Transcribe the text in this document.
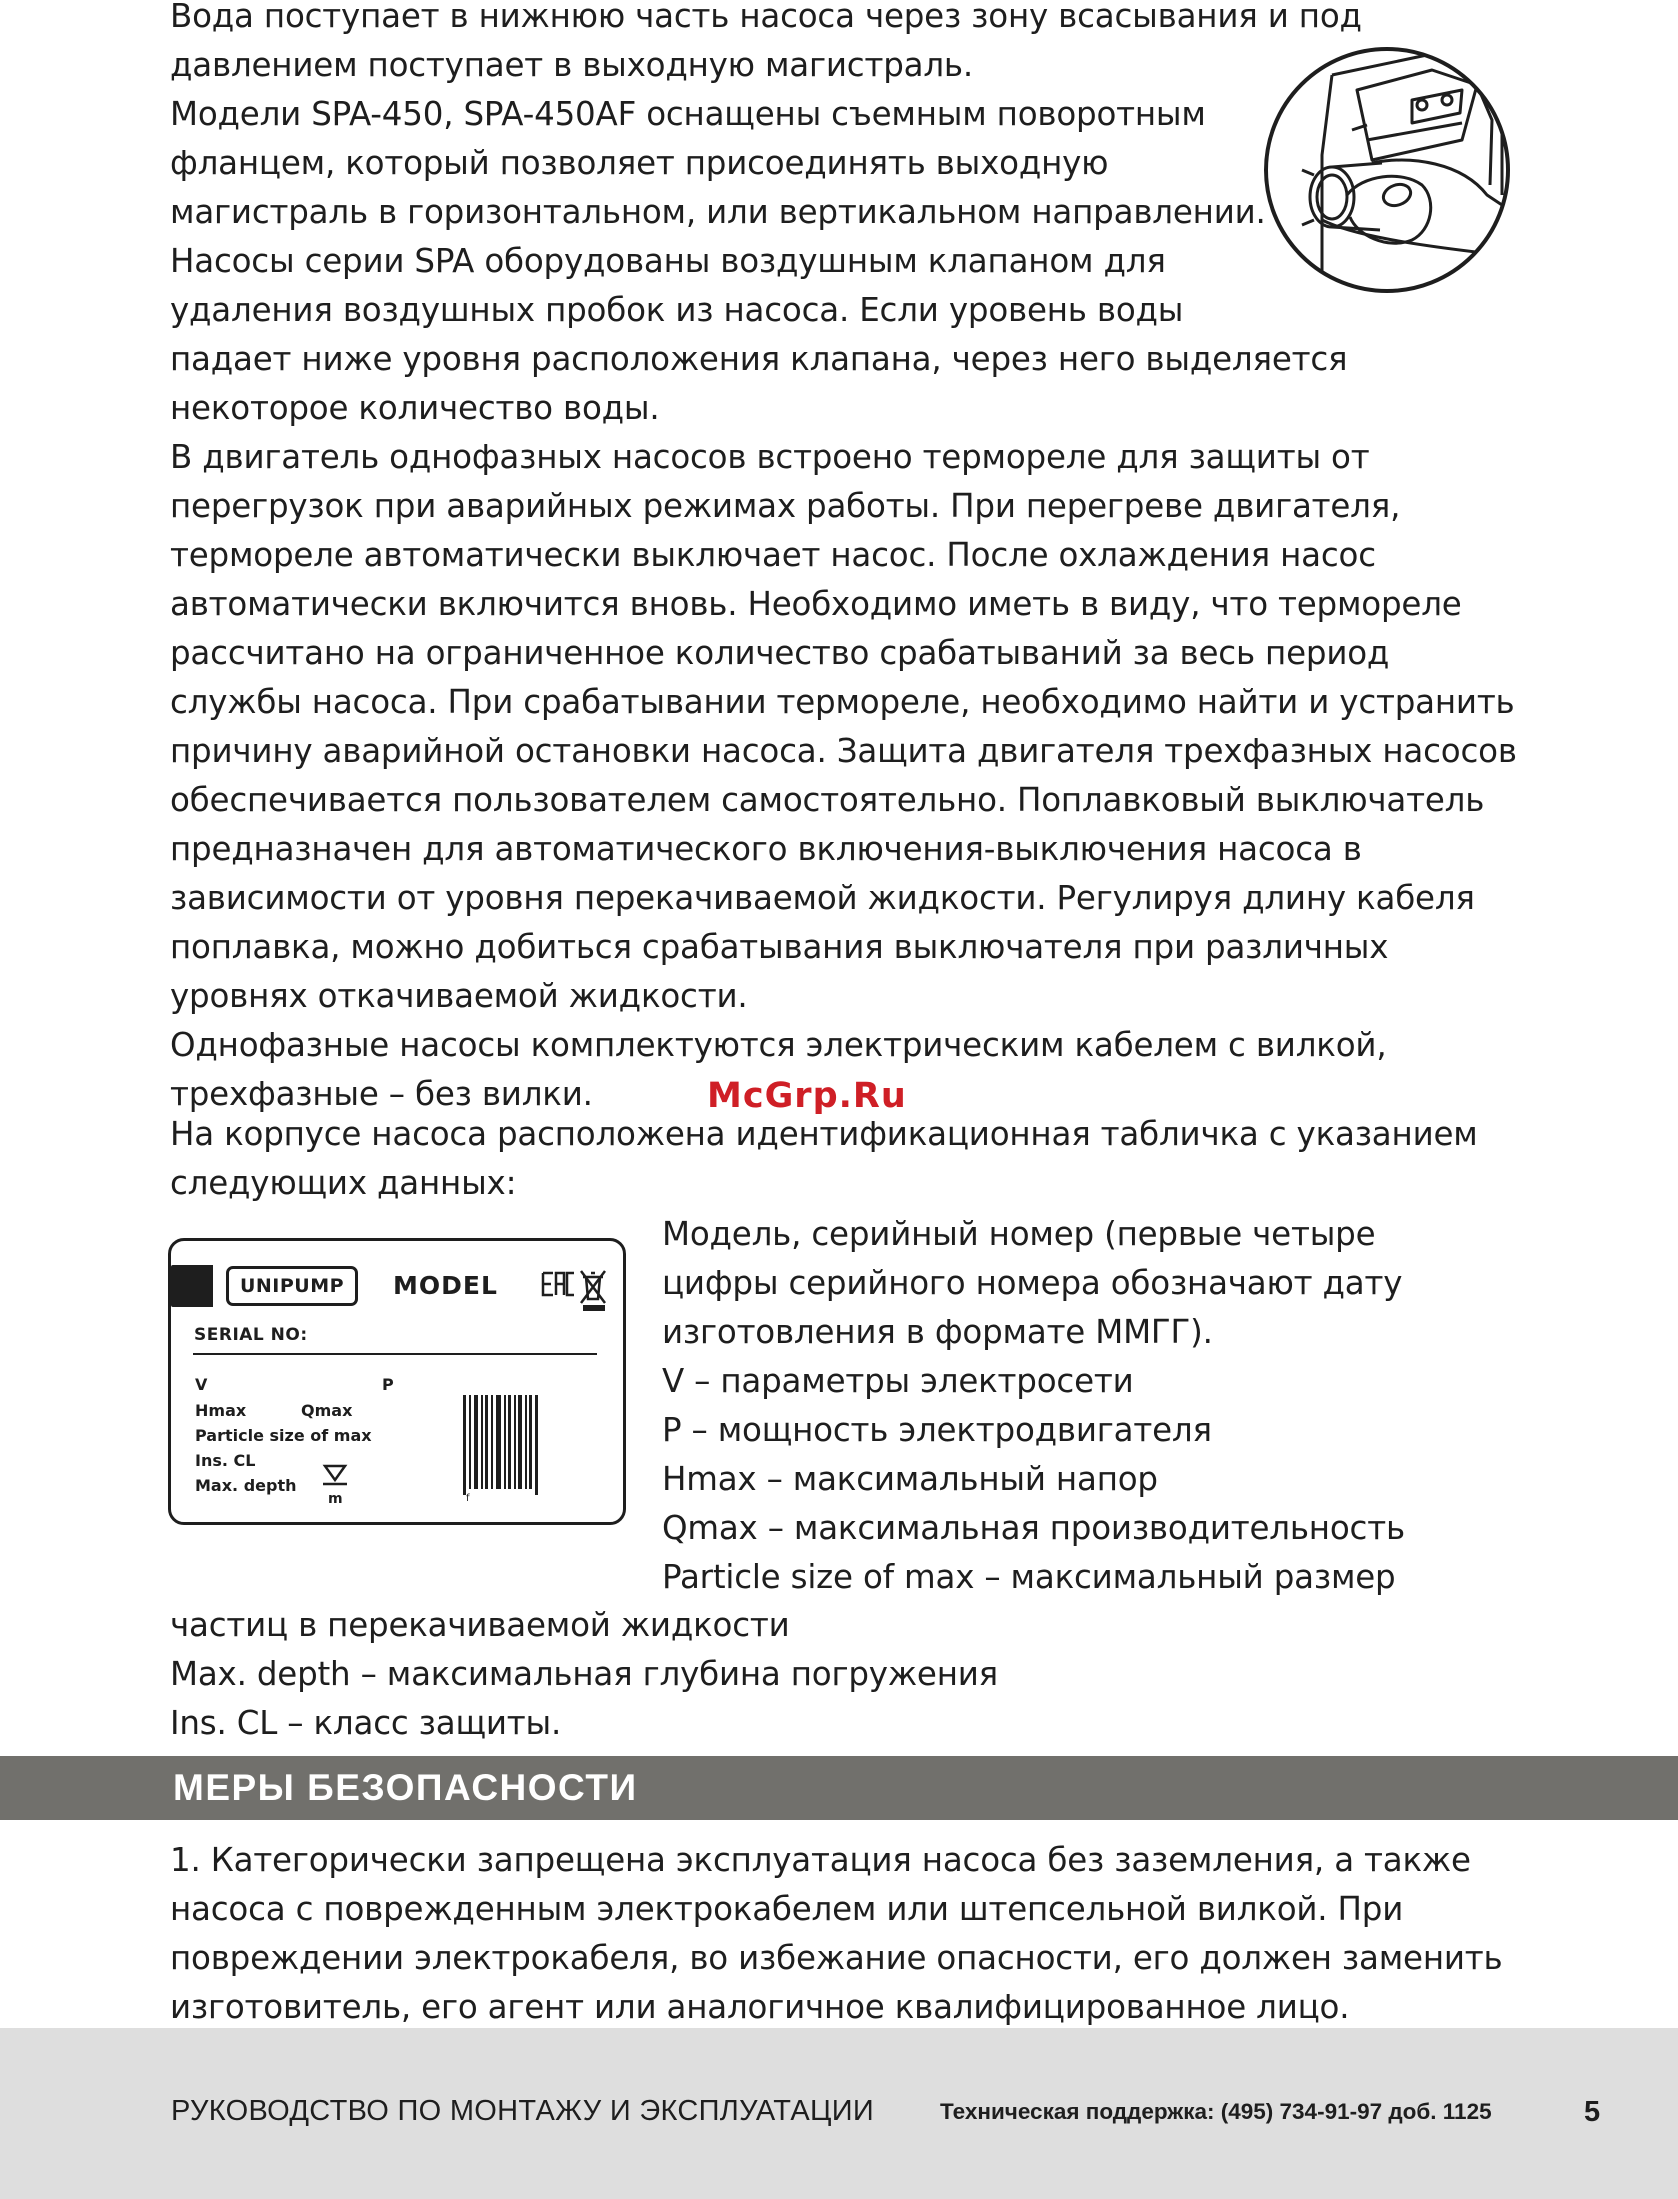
Вода поступает в нижнюю часть насоса через зону всасывания и под
давлением поступает в выходную магистраль.
Модели SPA-450, SPA-450AF оснащены съемным поворотным
фланцем, который позволяет присоединять выходную
магистраль в горизонтальном, или вертикальном направлении.
Насосы серии SPA оборудованы воздушным клапаном для
удаления воздушных пробок из насоса. Если уровень воды
падает ниже уровня расположения клапана, через него выделяется
некоторое количество воды.
В двигатель однофазных насосов встроено термореле для защиты от
перегрузок при аварийных режимах работы. При перегреве двигателя,
термореле автоматически выключает насос. После охлаждения насос
автоматически включится вновь. Необходимо иметь в виду, что термореле
рассчитано на ограниченное количество срабатываний за весь период
службы насоса. При срабатывании термореле, необходимо найти и устранить
причину аварийной остановки насоса. Защита двигателя трехфазных насосов
обеспечивается пользователем самостоятельно. Поплавковый выключатель
предназначен для автоматического включения-выключения насоса в
зависимости от уровня перекачиваемой жидкости. Регулируя длину кабеля
поплавка, можно добиться срабатывания выключателя при различных
уровнях откачиваемой жидкости.
Однофазные насосы комплектуются электрическим кабелем с вилкой,
трехфазные – без вилки.	McGrp.Ru
На корпусе насоса расположена идентификационная табличка с указанием
следующих данных:
UNIPUMP	MODEL
SERIAL NO:
V	P
Hmax	Qmax
Particle size of max
Ins. CL
Max. depth
m	f
Модель, серийный номер (первые четыре
цифры серийного номера обозначают дату
изготовления в формате ММГГ).
V – параметры электросети
P – мощность электродвигателя
Hmax – максимальный напор
Qmax – максимальная производительность
Particle size of max – максимальный размер
частиц в перекачиваемой жидкости
Max. depth – максимальная глубина погружения
Ins. CL – класс защиты.
МЕРЫ БЕЗОПАСНОСТИ
1. Категорически запрещена эксплуатация насоса без заземления, а также
насоса с поврежденным электрокабелем или штепсельной вилкой. При
повреждении электрокабеля, во избежание опасности, его должен заменить
изготовитель, его агент или аналогичное квалифицированное лицо.
РУКОВОДСТВО ПО МОНТАЖУ И ЭКСПЛУАТАЦИИ	Техническая поддержка: (495) 734-91-97 доб. 1125	5
